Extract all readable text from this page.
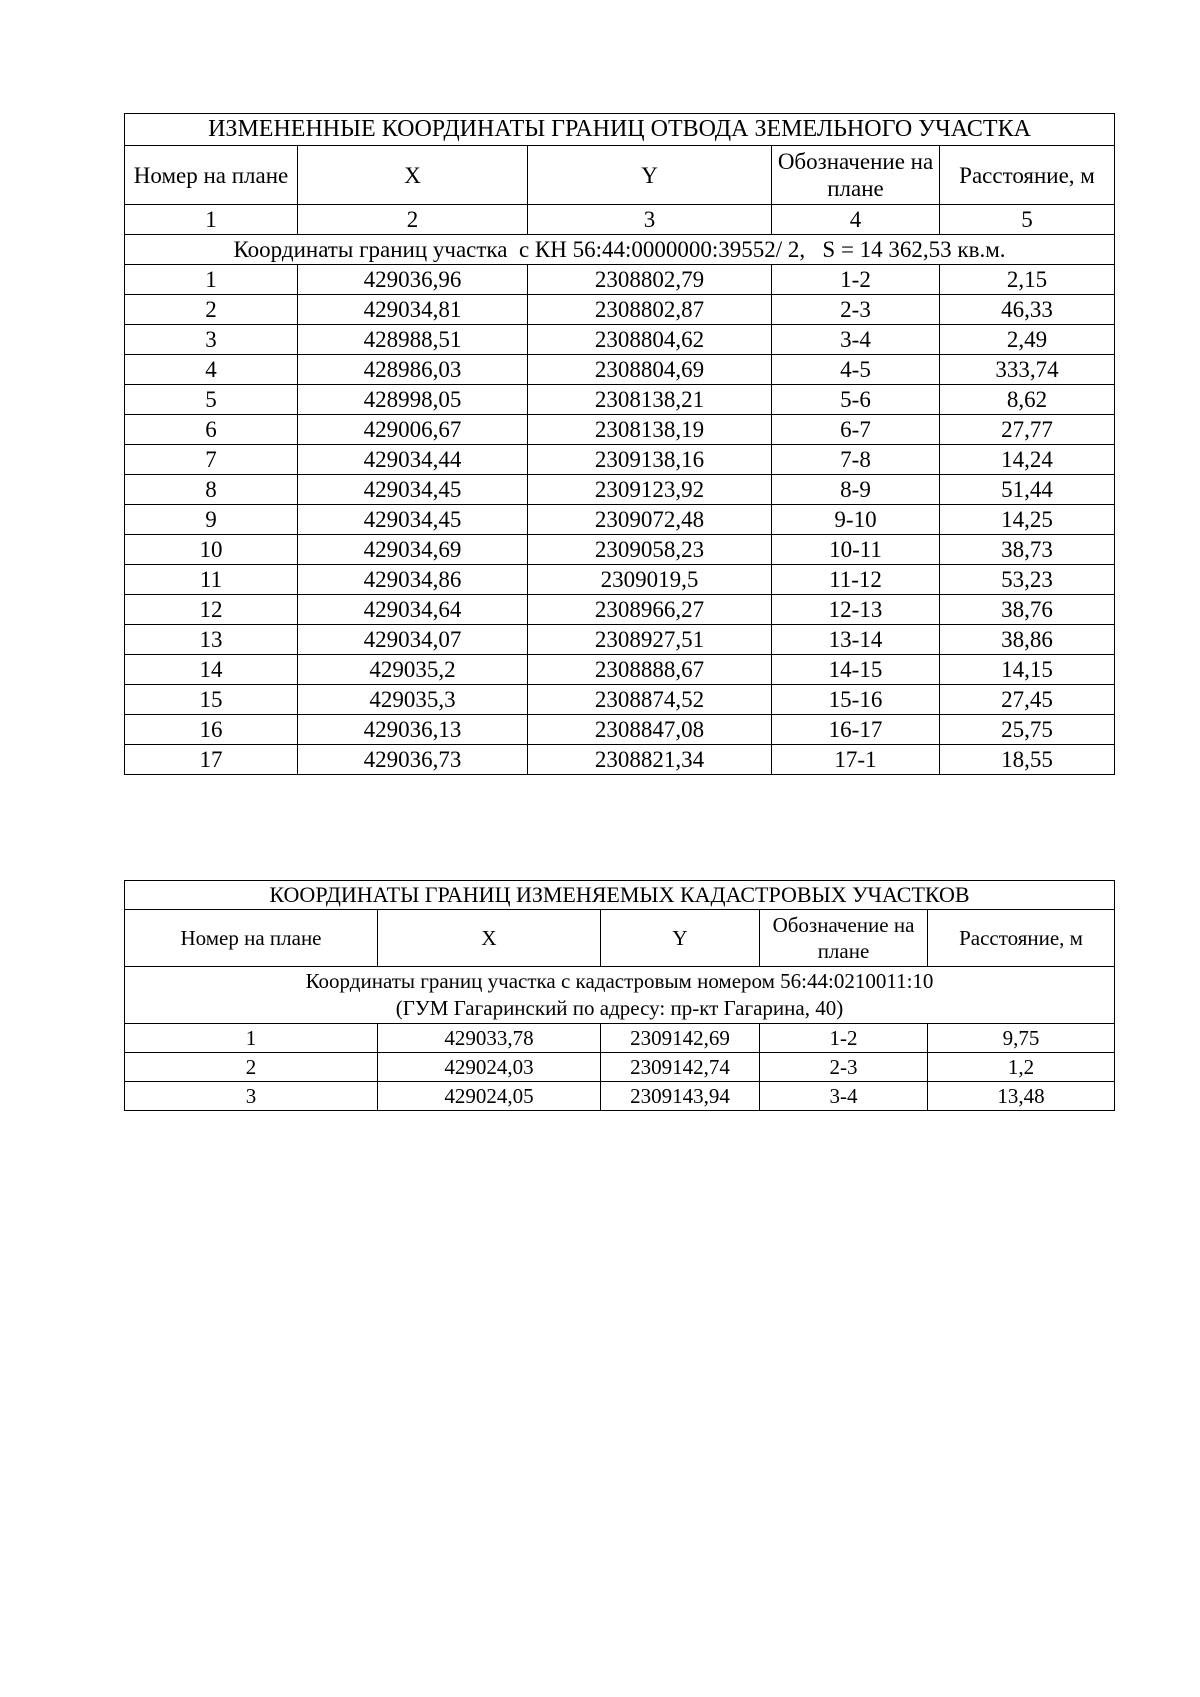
ИЗМЕНЕННЫЕ КООРДИНАТЫ ГРАНИЦ ОТВОДА ЗЕМЕЛЬНОГО УЧАСТКА				
Номер на плане	X	Y	Обозначение на плане	Расстояние, м
1	2	3	4	5
Координаты границ участка  с КН 56:44:0000000:39552/ 2,   S = 14 362,53 кв.м.				
1	429036,96	2308802,79	1-2	2,15
2	429034,81	2308802,87	2-3	46,33
3	428988,51	2308804,62	3-4	2,49
4	428986,03	2308804,69	4-5	333,74
5	428998,05	2308138,21	5-6	8,62
6	429006,67	2308138,19	6-7	27,77
7	429034,44	2309138,16	7-8	14,24
8	429034,45	2309123,92	8-9	51,44
9	429034,45	2309072,48	9-10	14,25
10	429034,69	2309058,23	10-11	38,73
11	429034,86	2309019,5	11-12	53,23
12	429034,64	2308966,27	12-13	38,76
13	429034,07	2308927,51	13-14	38,86
14	429035,2	2308888,67	14-15	14,15
15	429035,3	2308874,52	15-16	27,45
16	429036,13	2308847,08	16-17	25,75
17	429036,73	2308821,34	17-1	18,55
КООРДИНАТЫ ГРАНИЦ ИЗМЕНЯЕМЫХ КАДАСТРОВЫХ УЧАСТКОВ				
Номер на плане	X	Y	Обозначение на плане	Расстояние, м

Координаты границ участка с кадастровым номером 56:44:0210011:10
(ГУМ Гагаринский по адресу: пр-кт Гагарина, 40)				

1	429033,78	2309142,69	1-2	9,75
2	429024,03	2309142,74	2-3	1,2
3	429024,05	2309143,94	3-4	13,48
